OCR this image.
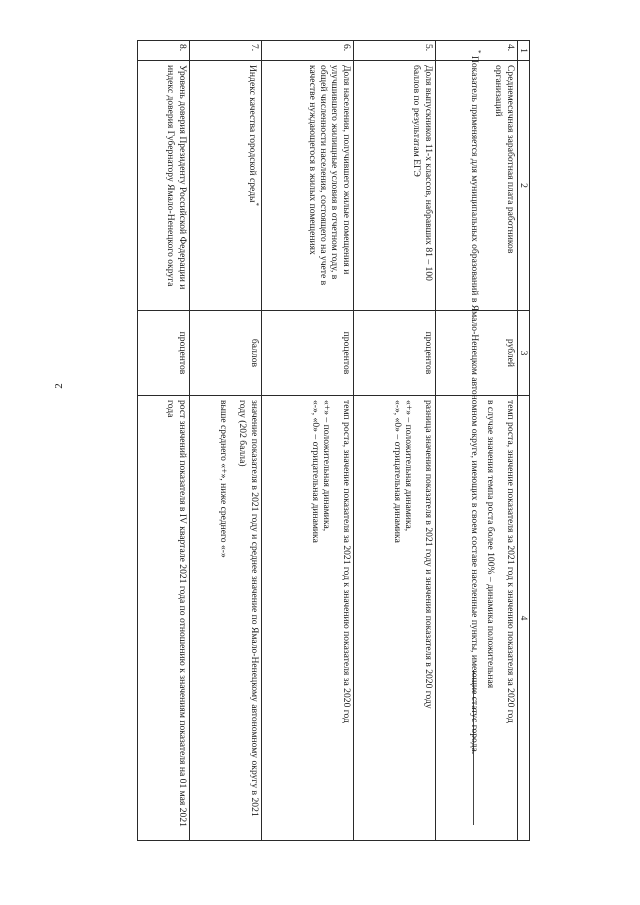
2
1	2	3	4
4.	Среднемесячная заработная плата работников организаций	рублей	темп роста, значение показателя за 2021 год к значению показателя за 2020 год
в случае значения темпа роста более 100% – динамика положительная

5.	Доля выпускников 11-х классов, набравших 81 – 100 баллов по результатам ЕГЭ	процентов	разница значения показателя в 2021 году и значения показателя в 2020 году
«+» – положительная динамика,
«-», «0» – отрицательная динамика

6.	Доля населения, получившего жилые помещения и улучшившего жилищные условия в отчетном году, в общей численности населения, состоящего на учете в качестве нуждающегося в жилых помещениях	процентов	темп роста, значение показателя за 2021 год к значению показателя за 2020 год
«+» – положительная динамика,
«-», «0» – отрицательная динамика

7.	Индекс качества городской среды*	баллов	значение показателя в 2021 году и среднее значение по Ямало-Ненецкому автономному округу в 2021 году (202 балла)
выше среднего «+», ниже среднего «-»

8.	Уровень доверия Президенту Российской Федерации и индекс доверия Губернатору Ямало-Ненецкого округа	процентов	рост значений показателя в IV квартале 2021 года по отношению к значениям показателя на 01 мая 2021 года

* Показатель применяется для муниципальных образований в Ямало-Ненецком автономном округе, имеющих в своем составе населенные пункты, имеющие статус города.
